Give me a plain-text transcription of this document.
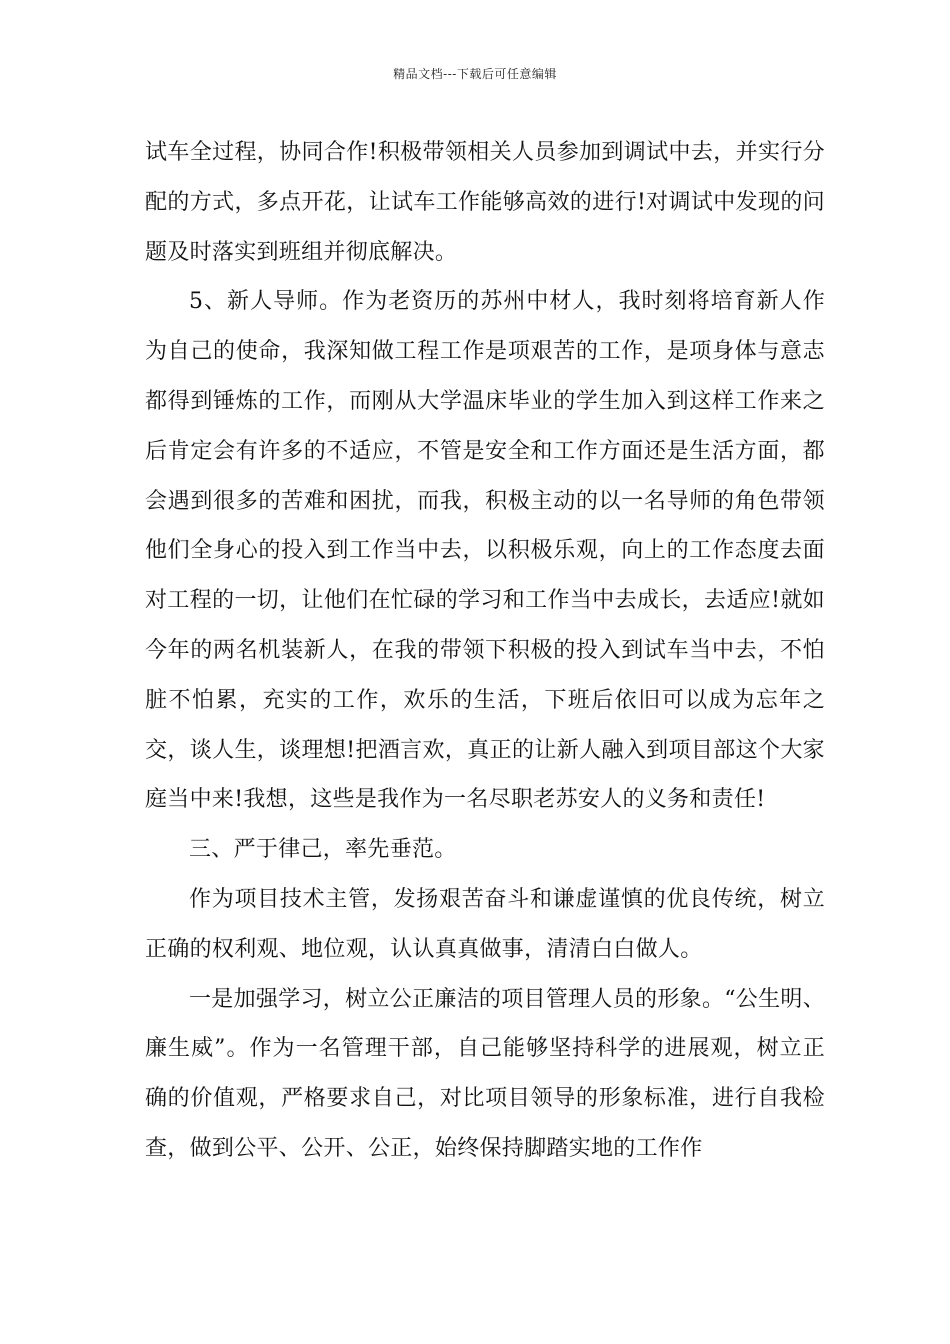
精品文档---下载后可任意编辑

试车全过程，协同合作!积极带领相关人员参加到调试中去，并实行分配的方式，多点开花，让试车工作能够高效的进行!对调试中发现的问题及时落实到班组并彻底解决。

5、新人导师。作为老资历的苏州中材人，我时刻将培育新人作为自己的使命，我深知做工程工作是项艰苦的工作，是项身体与意志都得到锤炼的工作，而刚从大学温床毕业的学生加入到这样工作来之后肯定会有许多的不适应，不管是安全和工作方面还是生活方面，都会遇到很多的苦难和困扰，而我，积极主动的以一名导师的角色带领他们全身心的投入到工作当中去，以积极乐观，向上的工作态度去面对工程的一切，让他们在忙碌的学习和工作当中去成长，去适应!就如今年的两名机装新人，在我的带领下积极的投入到试车当中去，不怕脏不怕累，充实的工作，欢乐的生活，下班后依旧可以成为忘年之交，谈人生，谈理想!把酒言欢，真正的让新人融入到项目部这个大家庭当中来!我想，这些是我作为一名尽职老苏安人的义务和责任!

三、严于律己，率先垂范。

作为项目技术主管，发扬艰苦奋斗和谦虚谨慎的优良传统，树立正确的权利观、地位观，认认真真做事，清清白白做人。

一是加强学习，树立公正廉洁的项目管理人员的形象。“公生明、廉生威”。作为一名管理干部，自己能够坚持科学的进展观，树立正确的价值观，严格要求自己，对比项目领导的形象标准，进行自我检查，做到公平、公开、公正，始终保持脚踏实地的工作作
